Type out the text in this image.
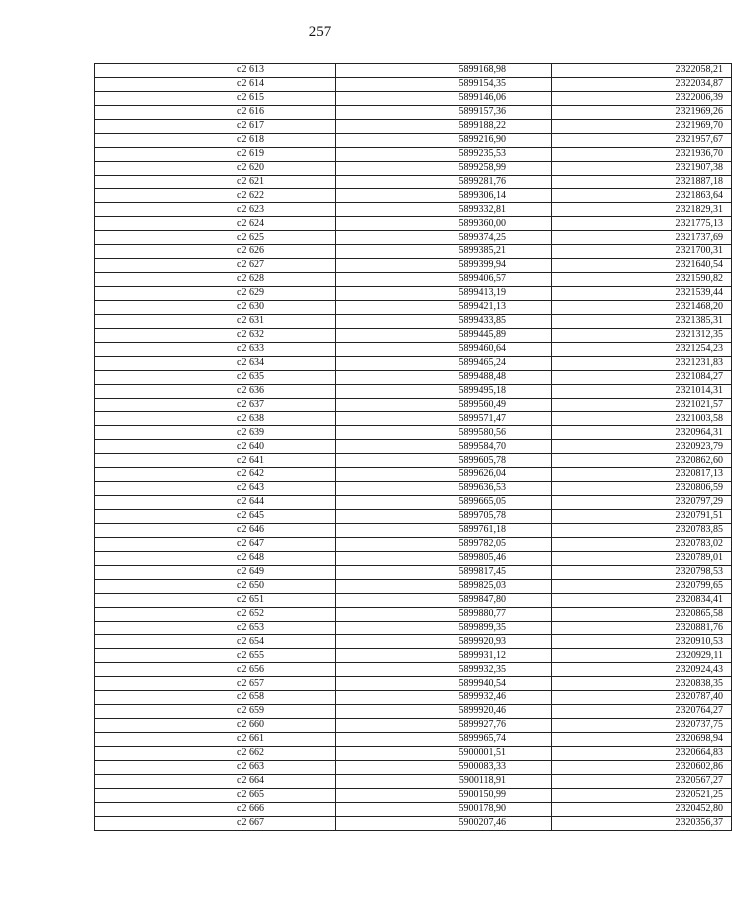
257
с2 613	5899168,98	2322058,21
с2 614	5899154,35	2322034,87
с2 615	5899146,06	2322006,39
с2 616	5899157,36	2321969,26
с2 617	5899188,22	2321969,70
с2 618	5899216,90	2321957,67
с2 619	5899235,53	2321936,70
с2 620	5899258,99	2321907,38
с2 621	5899281,76	2321887,18
с2 622	5899306,14	2321863,64
с2 623	5899332,81	2321829,31
с2 624	5899360,00	2321775,13
с2 625	5899374,25	2321737,69
с2 626	5899385,21	2321700,31
с2 627	5899399,94	2321640,54
с2 628	5899406,57	2321590,82
с2 629	5899413,19	2321539,44
с2 630	5899421,13	2321468,20
с2 631	5899433,85	2321385,31
с2 632	5899445,89	2321312,35
с2 633	5899460,64	2321254,23
с2 634	5899465,24	2321231,83
с2 635	5899488,48	2321084,27
с2 636	5899495,18	2321014,31
с2 637	5899560,49	2321021,57
с2 638	5899571,47	2321003,58
с2 639	5899580,56	2320964,31
с2 640	5899584,70	2320923,79
с2 641	5899605,78	2320862,60
с2 642	5899626,04	2320817,13
с2 643	5899636,53	2320806,59
с2 644	5899665,05	2320797,29
с2 645	5899705,78	2320791,51
с2 646	5899761,18	2320783,85
с2 647	5899782,05	2320783,02
с2 648	5899805,46	2320789,01
с2 649	5899817,45	2320798,53
с2 650	5899825,03	2320799,65
с2 651	5899847,80	2320834,41
с2 652	5899880,77	2320865,58
с2 653	5899899,35	2320881,76
с2 654	5899920,93	2320910,53
с2 655	5899931,12	2320929,11
с2 656	5899932,35	2320924,43
с2 657	5899940,54	2320838,35
с2 658	5899932,46	2320787,40
с2 659	5899920,46	2320764,27
с2 660	5899927,76	2320737,75
с2 661	5899965,74	2320698,94
с2 662	5900001,51	2320664,83
с2 663	5900083,33	2320602,86
с2 664	5900118,91	2320567,27
с2 665	5900150,99	2320521,25
с2 666	5900178,90	2320452,80
с2 667	5900207,46	2320356,37
